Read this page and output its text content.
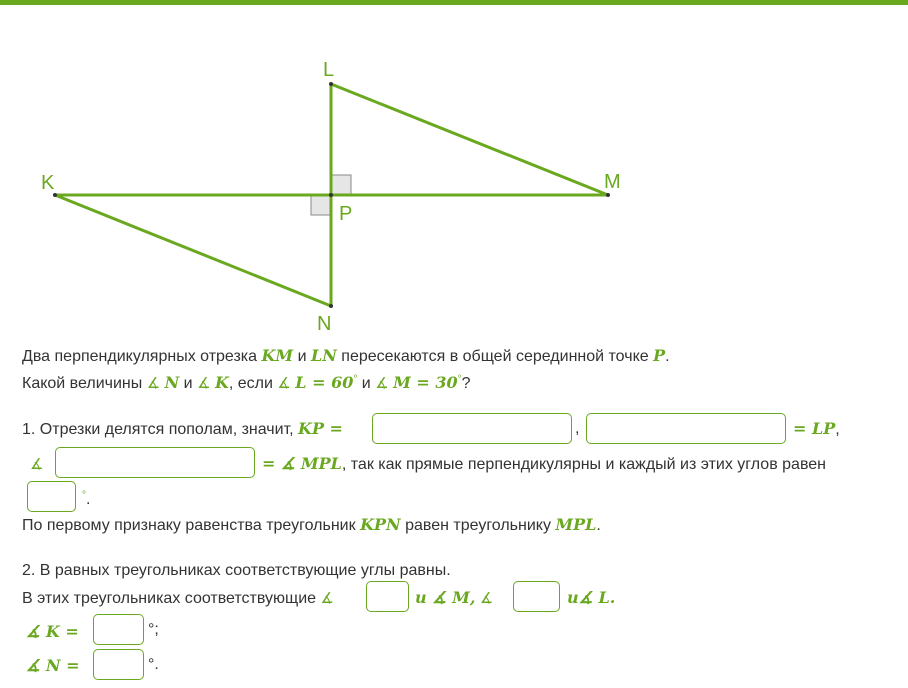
L
K	M
P
N
Два перпендикулярных отрезка KM и LN пересекаются в общей серединной точке P.
Какой величины ∡ N и ∡ K, если ∡ L = 60° и ∡ M = 30°?
1. Отрезки делятся пополам, значит, KP =	,	= LP,
∡	= ∡ MPL, так как прямые перпендикулярны и каждый из этих углов равен
°.
По первому признаку равенства треугольник KPN равен треугольнику MPL.
2. В равных треугольниках соответствующие углы равны.
В этих треугольниках соответствующие ∡	и ∡ M, ∡	и∡ L.
∡ K =	°;
∡ N =	°.
